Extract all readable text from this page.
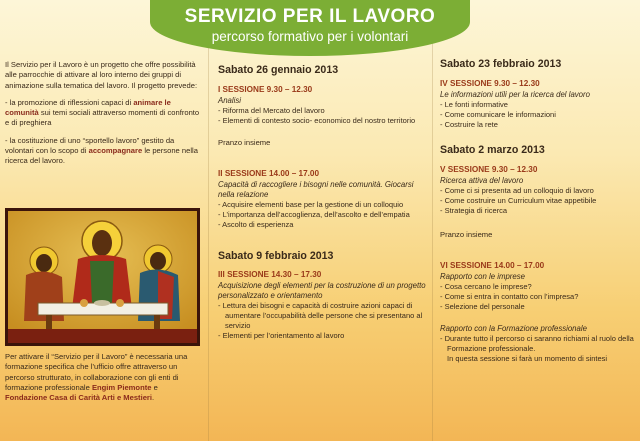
SERVIZIO PER IL LAVORO
percorso formativo per i volontari

Il Servizio per il Lavoro è un progetto che offre possibilità alle parrocchie di attivare al loro interno dei gruppi di animazione sulla tematica del lavoro. Il progetto prevede:

- la promozione di riflessioni capaci di animare le comunità sui temi sociali attraverso momenti di confronto e di preghiera

- la costituzione di uno “sportello lavoro” gestito da volontari con lo scopo di accompagnare le persone nella ricerca del lavoro.

Per attivare il “Servizio per il Lavoro” è necessaria una formazione specifica che l’ufficio offre attraverso un percorso strutturato, in collaborazione con gli enti di formazione professionale Engim Piemonte e Fondazione Casa di Carità Arti e Mestieri.
Sabato 26 gennaio 2013
I SESSIONE 9.30 – 12.30
Analisi
- Riforma del Mercato del lavoro
- Elementi di contesto socio- economico del nostro territorio
Pranzo insieme
II SESSIONE 14.00 – 17.00
Capacità di raccogliere i bisogni nelle comunità. Giocarsi nella relazione
- Acquisire elementi base per la gestione di un colloquio
- L’importanza dell’accoglienza, dell’ascolto e dell’empatia
- Ascolto di esperienza
Sabato 9 febbraio 2013
III SESSIONE 14.30 – 17.30
Acquisizione degli elementi per la costruzione di un progetto personalizzato e orientamento
- Lettura dei bisogni e capacità di costruire azioni capaci di aumentare l’occupabilità delle persone che si presentano al servizio
- Elementi per l’orientamento al lavoro
Sabato 23 febbraio 2013
IV SESSIONE 9.30 – 12.30
Le informazioni utili per la ricerca del lavoro
- Le fonti informative
- Come comunicare le informazioni
- Costruire la rete
Sabato 2 marzo 2013
V SESSIONE 9.30 – 12.30
Ricerca attiva del lavoro
- Come ci si presenta ad un colloquio di lavoro
- Come costruire un Curriculum vitae appetibile
- Strategia di ricerca
Pranzo insieme
VI SESSIONE 14.00 – 17.00
Rapporto con le imprese
- Cosa cercano le imprese?
- Come si entra in contatto con l’impresa?
- Selezione del personale
Rapporto con la Formazione professionale
- Durante tutto il percorso ci saranno richiami al ruolo della Formazione professionale.
In questa sessione si farà un momento di sintesi
